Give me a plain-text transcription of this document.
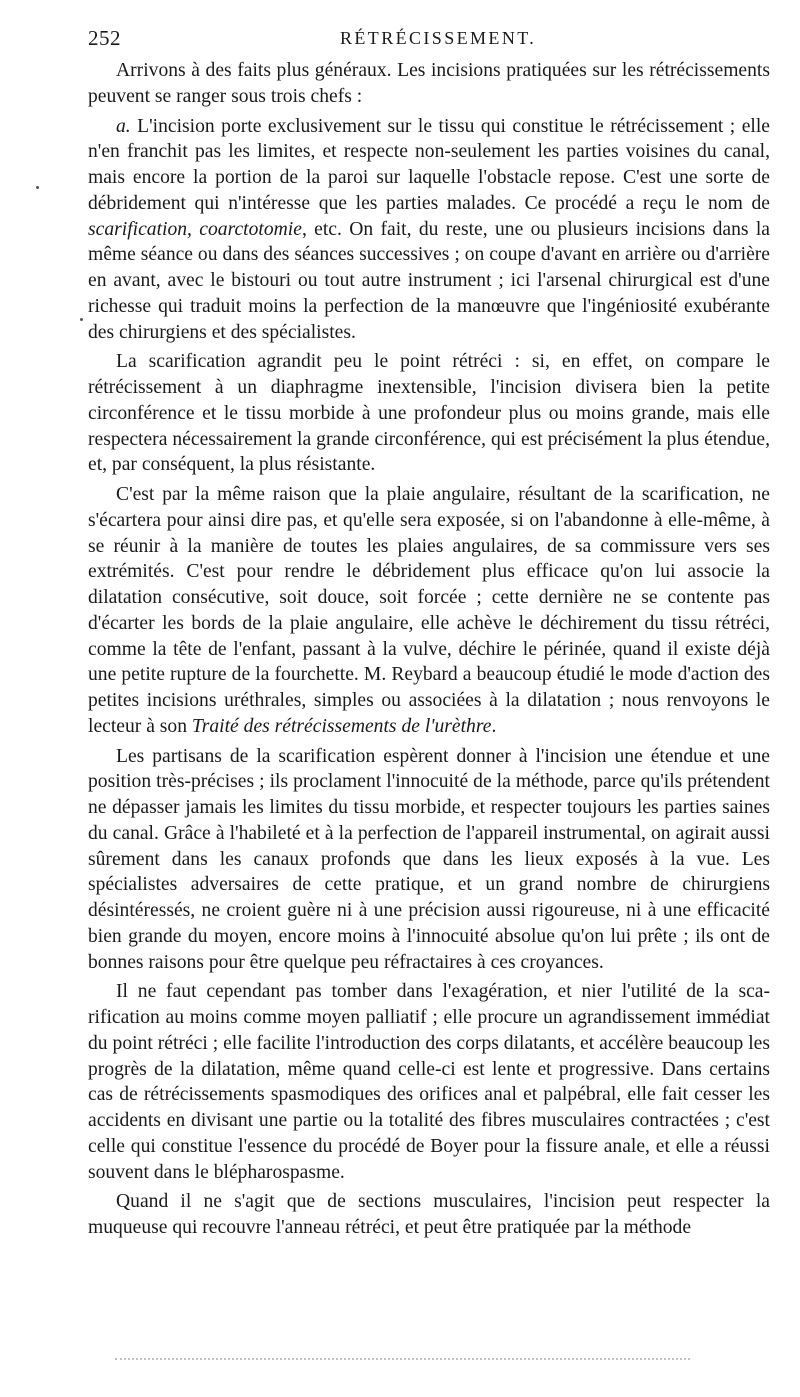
252	RÉTRÉCISSEMENT.

Arrivons à des faits plus généraux. Les incisions pratiquées sur les rétrécissements peuvent se ranger sous trois chefs :

a. L'incision porte exclusivement sur le tissu qui constitue le rétrécissement ; elle n'en franchit pas les limites, et respecte non-seulement les parties voisines du canal, mais encore la portion de la paroi sur laquelle l'obstacle repose. C'est une sorte de débridement qui n'intéresse que les parties malades. Ce procédé a reçu le nom de scarification, coarctotomie, etc. On fait, du reste, une ou plusieurs incisions dans la même séance ou dans des séances successives ; on coupe d'avant en arrière ou d'arrière en avant, avec le bistouri ou tout autre instrument ; ici l'arsenal chirurgical est d'une richesse qui traduit moins la perfection de la manœuvre que l'ingéniosité exubérante des chirurgiens et des spécialistes.

La scarification agrandit peu le point rétréci : si, en effet, on compare le rétrécissement à un diaphragme inextensible, l'incision divisera bien la petite circonférence et le tissu morbide à une profondeur plus ou moins grande, mais elle respectera nécessairement la grande circonférence, qui est précisément la plus étendue, et, par conséquent, la plus résistante.

C'est par la même raison que la plaie angulaire, résultant de la scarification, ne s'écartera pour ainsi dire pas, et qu'elle sera exposée, si on l'abandonne à elle-même, à se réunir à la manière de toutes les plaies angulaires, de sa commissure vers ses extrémités. C'est pour rendre le débridement plus efficace qu'on lui associe la dilatation consécutive, soit douce, soit forcée ; cette dernière ne se contente pas d'écarter les bords de la plaie angulaire, elle achève le déchirement du tissu rétréci, comme la tête de l'enfant, passant à la vulve, déchire le périnée, quand il existe déjà une petite rupture de la fourchette. M. Reybard a beaucoup étudié le mode d'action des petites incisions uréthrales, simples ou associées à la dilatation ; nous renvoyons le lecteur à son Traité des rétrécissements de l'urèthre.

Les partisans de la scarification espèrent donner à l'incision une étendue et une position très-précises ; ils proclament l'innocuité de la méthode, parce qu'ils prétendent ne dépasser jamais les limites du tissu morbide, et respecter toujours les parties saines du canal. Grâce à l'habileté et à la perfection de l'appareil instrumental, on agirait aussi sûrement dans les canaux profonds que dans les lieux exposés à la vue. Les spécialistes adversaires de cette pratique, et un grand nombre de chirurgiens désintéressés, ne croient guère ni à une précision aussi rigoureuse, ni à une efficacité bien grande du moyen, encore moins à l'innocuité absolue qu'on lui prête ; ils ont de bonnes raisons pour être quelque peu réfractaires à ces croyances.

Il ne faut cependant pas tomber dans l'exagération, et nier l'utilité de la scarification au moins comme moyen palliatif ; elle procure un agrandissement immédiat du point rétréci ; elle facilite l'introduction des corps dilatants, et accélère beaucoup les progrès de la dilatation, même quand celle-ci est lente et progressive. Dans certains cas de rétrécissements spasmodiques des orifices anal et palpébral, elle fait cesser les accidents en divisant une partie ou la totalité des fibres musculaires contractées ; c'est celle qui constitue l'essence du procédé de Boyer pour la fissure anale, et elle a réussi souvent dans le blépharospasme.

Quand il ne s'agit que de sections musculaires, l'incision peut respecter la muqueuse qui recouvre l'anneau rétréci, et peut être pratiquée par la méthode
